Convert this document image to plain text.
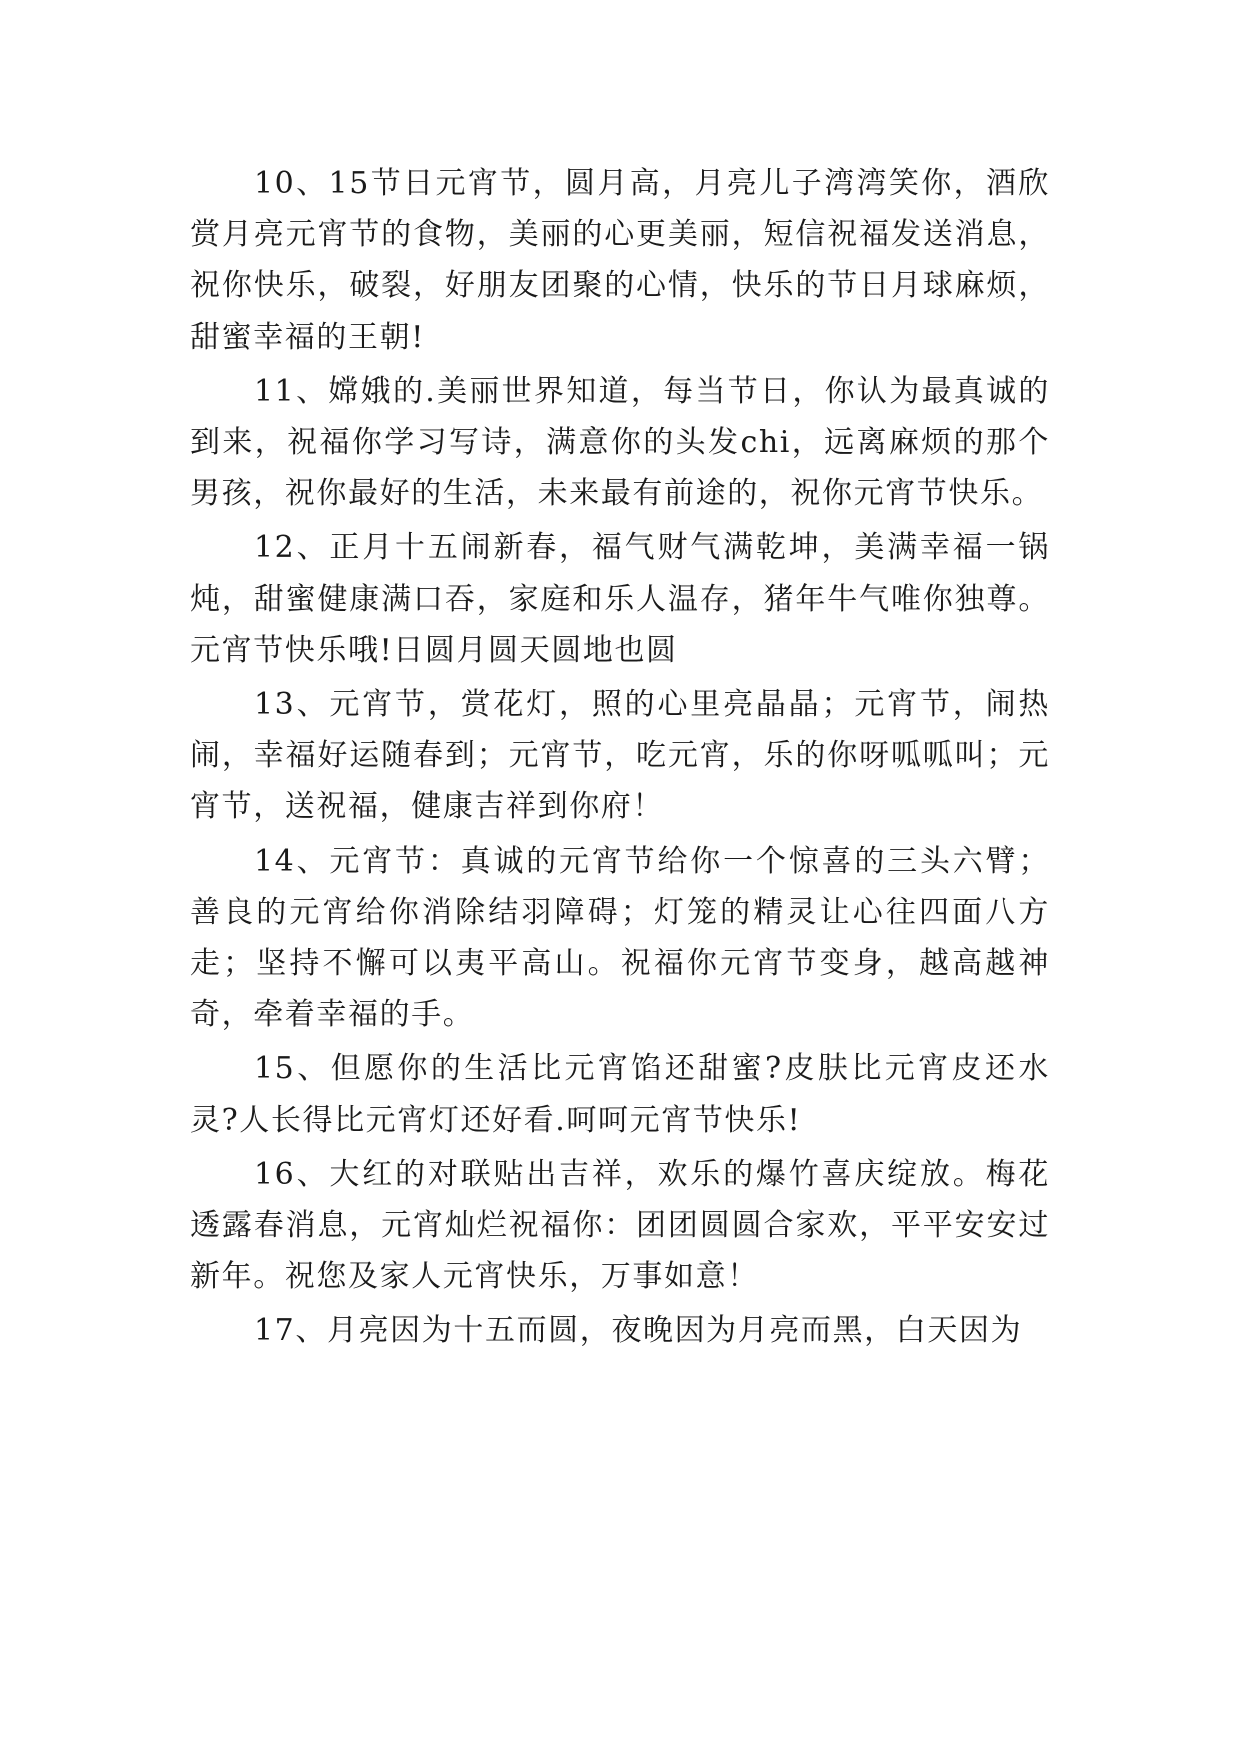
10、15节日元宵节，圆月高，月亮儿子湾湾笑你，酒欣赏月亮元宵节的食物，美丽的心更美丽，短信祝福发送消息，祝你快乐，破裂，好朋友团聚的心情，快乐的节日月球麻烦，甜蜜幸福的王朝!

11、嫦娥的.美丽世界知道，每当节日，你认为最真诚的到来，祝福你学习写诗，满意你的头发chi，远离麻烦的那个男孩，祝你最好的生活，未来最有前途的，祝你元宵节快乐。

12、正月十五闹新春，福气财气满乾坤，美满幸福一锅炖，甜蜜健康满口吞，家庭和乐人温存，猪年牛气唯你独尊。元宵节快乐哦!日圆月圆天圆地也圆

13、元宵节，赏花灯，照的心里亮晶晶；元宵节，闹热闹，幸福好运随春到；元宵节，吃元宵，乐的你呀呱呱叫；元宵节，送祝福，健康吉祥到你府！

14、元宵节：真诚的元宵节给你一个惊喜的三头六臂；善良的元宵给你消除结羽障碍；灯笼的精灵让心往四面八方走；坚持不懈可以夷平高山。祝福你元宵节变身，越高越神奇，牵着幸福的手。

15、但愿你的生活比元宵馅还甜蜜?皮肤比元宵皮还水灵?人长得比元宵灯还好看.呵呵元宵节快乐!

16、大红的对联贴出吉祥，欢乐的爆竹喜庆绽放。梅花透露春消息，元宵灿烂祝福你：团团圆圆合家欢，平平安安过新年。祝您及家人元宵快乐，万事如意！

17、月亮因为十五而圆，夜晚因为月亮而黑，白天因为
